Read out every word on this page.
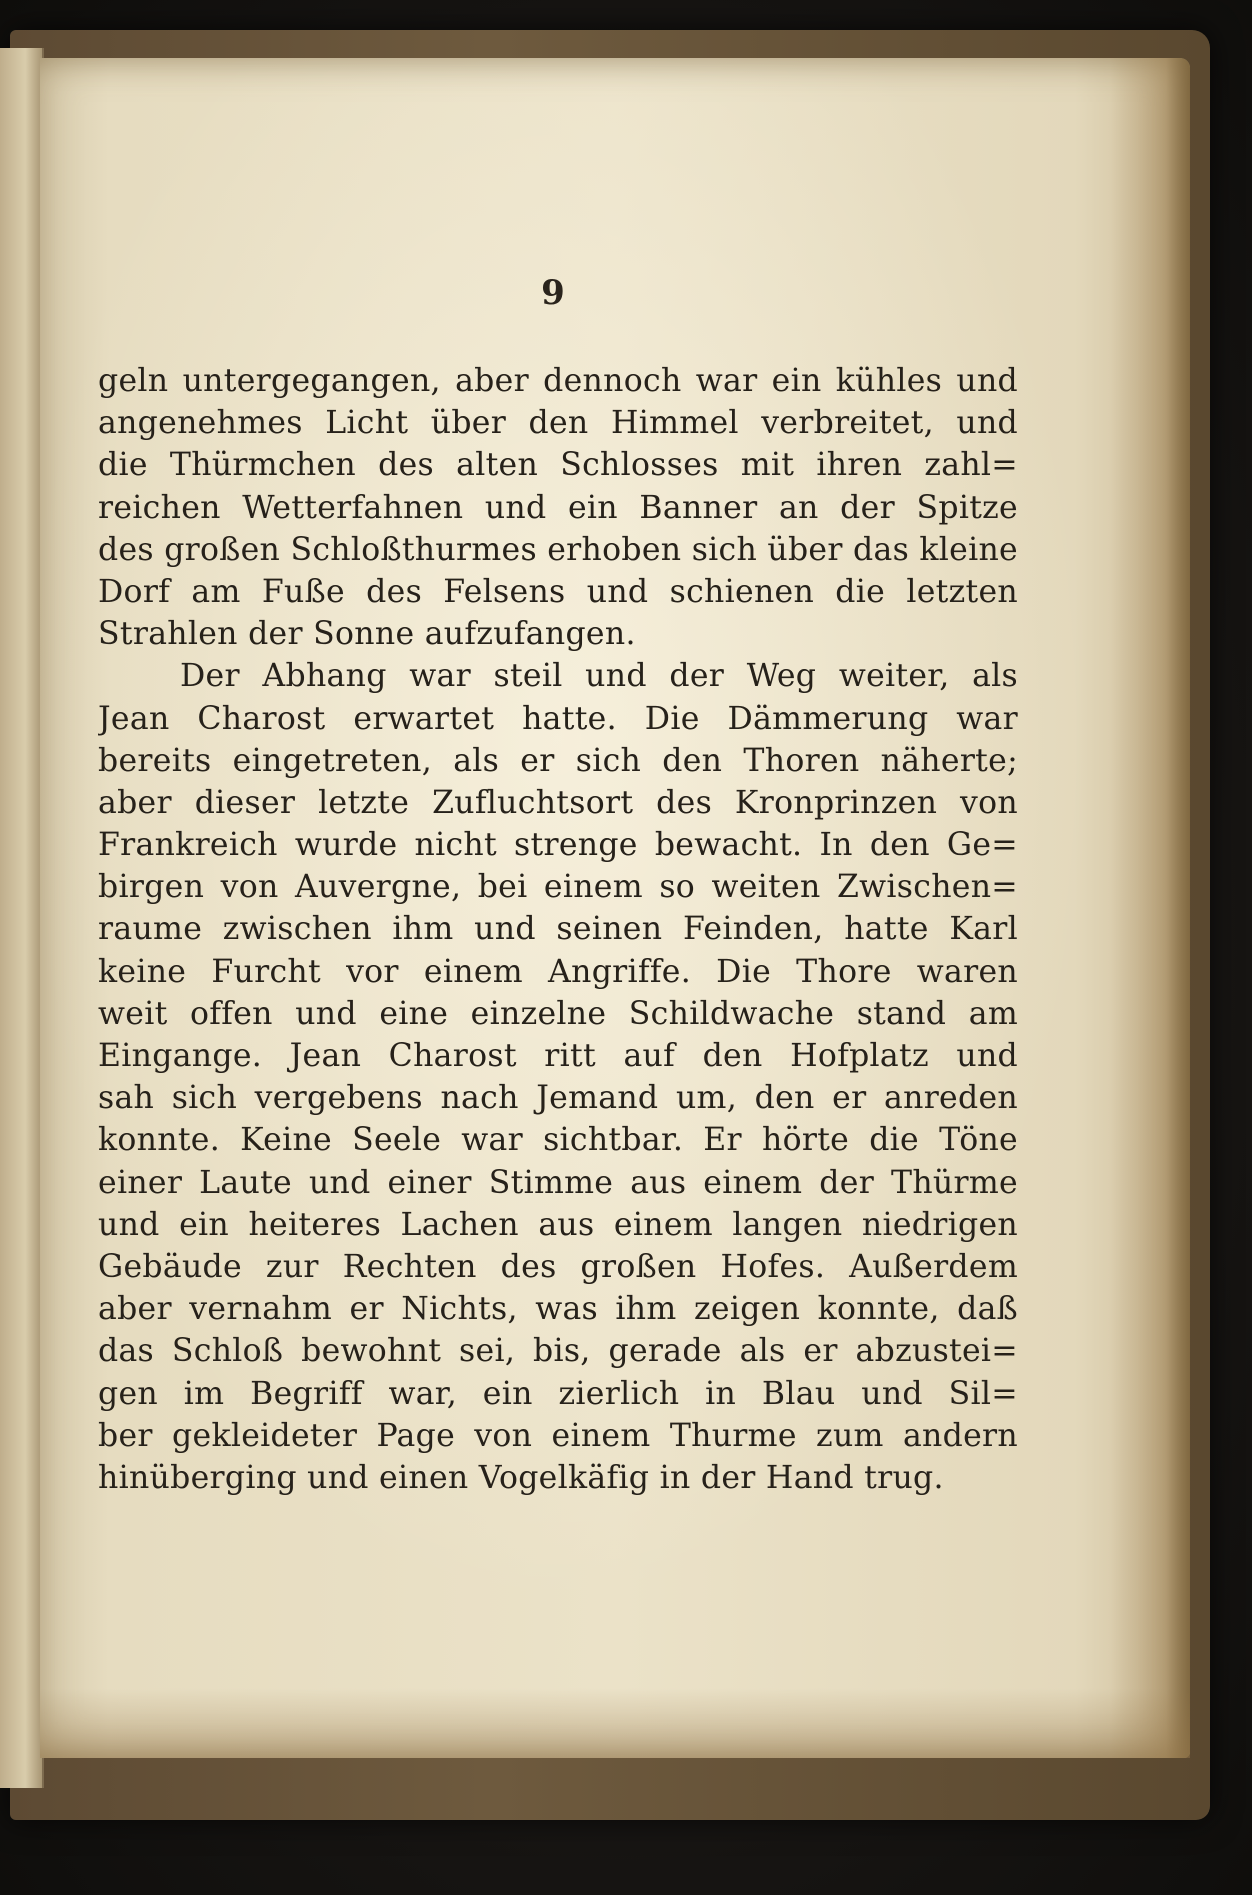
9
geln untergegangen, aber dennoch war ein kühles und
angenehmes Licht über den Himmel verbreitet, und
die Thürmchen des alten Schlosses mit ihren zahl=
reichen Wetterfahnen und ein Banner an der Spitze
des großen Schloßthurmes erhoben sich über das kleine
Dorf am Fuße des Felsens und schienen die letzten
Strahlen der Sonne aufzufangen.
Der Abhang war steil und der Weg weiter, als
Jean Charost erwartet hatte. Die Dämmerung war
bereits eingetreten, als er sich den Thoren näherte;
aber dieser letzte Zufluchtsort des Kronprinzen von
Frankreich wurde nicht strenge bewacht. In den Ge=
birgen von Auvergne, bei einem so weiten Zwischen=
raume zwischen ihm und seinen Feinden, hatte Karl
keine Furcht vor einem Angriffe. Die Thore waren
weit offen und eine einzelne Schildwache stand am
Eingange. Jean Charost ritt auf den Hofplatz und
sah sich vergebens nach Jemand um, den er anreden
konnte. Keine Seele war sichtbar. Er hörte die Töne
einer Laute und einer Stimme aus einem der Thürme
und ein heiteres Lachen aus einem langen niedrigen
Gebäude zur Rechten des großen Hofes. Außerdem
aber vernahm er Nichts, was ihm zeigen konnte, daß
das Schloß bewohnt sei, bis, gerade als er abzustei=
gen im Begriff war, ein zierlich in Blau und Sil=
ber gekleideter Page von einem Thurme zum andern
hinüberging und einen Vogelkäfig in der Hand trug.
